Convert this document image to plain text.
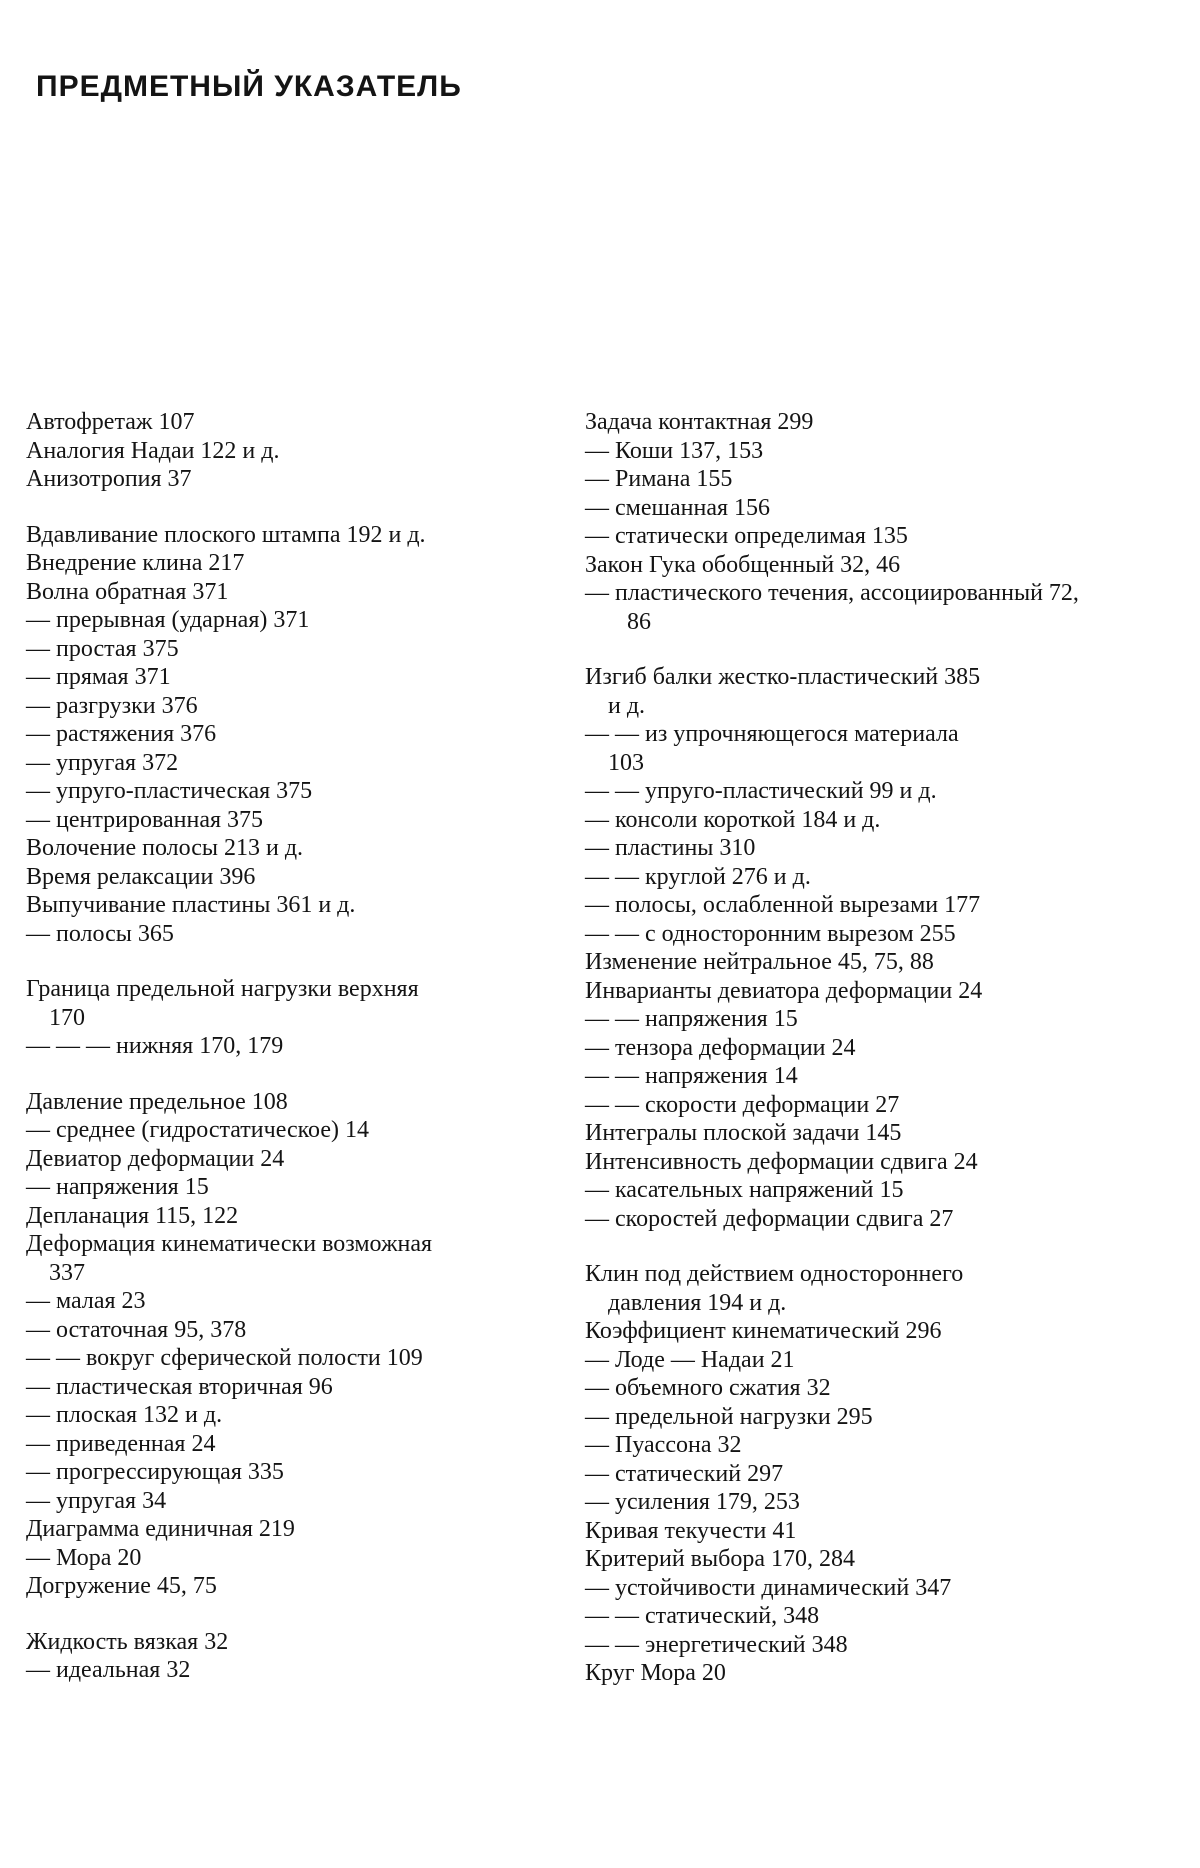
ПРЕДМЕТНЫЙ УКАЗАТЕЛЬ
Автофретаж 107
Аналогия Надаи 122 и д.
Анизотропия 37
Вдавливание плоского штампа 192 и д.
Внедрение клина 217
Волна обратная 371
— прерывная (ударная) 371
— простая 375
— прямая 371
— разгрузки 376
— растяжения 376
— упругая 372
— упруго-пластическая 375
— центрированная 375
Волочение полосы 213 и д.
Время релаксации 396
Выпучивание пластины 361 и д.
— полосы 365
Граница предельной нагрузки верхняя
170
— — — нижняя 170, 179
Давление предельное 108
— среднее (гидростатическое) 14
Девиатор деформации 24
— напряжения 15
Депланация 115, 122
Деформация кинематически возможная
337
— малая 23
— остаточная 95, 378
— — вокруг сферической полости 109
— пластическая вторичная 96
— плоская 132 и д.
— приведенная 24
— прогрессирующая 335
— упругая 34
Диаграмма единичная 219
— Мора 20
Догружение 45, 75
Жидкость вязкая 32
— идеальная 32
Задача контактная 299
— Коши 137, 153
— Римана 155
— смешанная 156
— статически определимая 135
Закон Гука обобщенный 32, 46
— пластического течения, ассоциированный 72, 86
Изгиб балки жестко-пластический 385
и д.
— — из упрочняющегося материала
103
— — упруго-пластический 99 и д.
— консоли короткой 184 и д.
— пластины 310
— — круглой 276 и д.
— полосы, ослабленной вырезами 177
— — с односторонним вырезом 255
Изменение нейтральное 45, 75, 88
Инварианты девиатора деформации 24
— — напряжения 15
— тензора деформации 24
— — напряжения 14
— — скорости деформации 27
Интегралы плоской задачи 145
Интенсивность деформации сдвига 24
— касательных напряжений 15
— скоростей деформации сдвига 27
Клин под действием одностороннего
давления 194 и д.
Коэффициент кинематический 296
— Лоде — Надаи 21
— объемного сжатия 32
— предельной нагрузки 295
— Пуассона 32
— статический 297
— усиления 179, 253
Кривая текучести 41
Критерий выбора 170, 284
— устойчивости динамический 347
— — статический, 348
— — энергетический 348
Круг Мора 20
